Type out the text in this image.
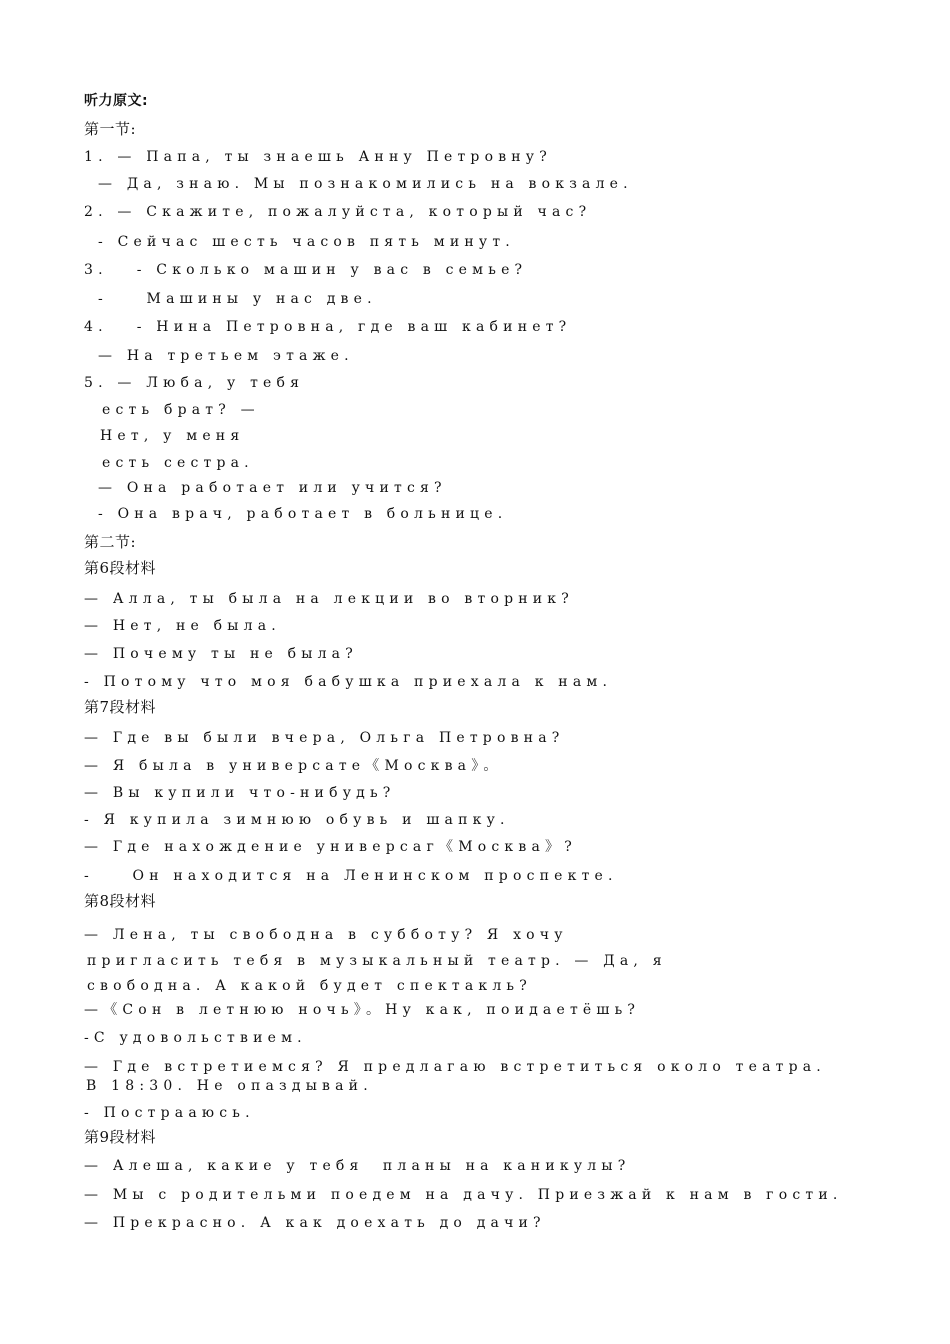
听力原文:
第一节:
1. — Папа, ты знаешь Анну Петровну?
— Да, знаю. Мы познакомились на вокзале.
2. — Скажите, пожалуйста, который час?
- Сейчас шесть часов пять минут.
3.   - Сколько машин у вас в семье?
-    Машины у нас две.
4.   - Нина Петровна, где ваш кабинет?
— На третьем этаже.
5. — Люба, у тебя
есть брат? —
Нет, у меня
есть сестра.
— Она работает или учится?
- Она врач, работает в больнице.
第二节:
第6段材料
— Алла, ты была на лекции во вторник?
— Нет, не была.
— Почему ты не была?
- Потому что моя бабушка приехала к нам.
第7段材料
— Где вы были вчера, Ольга Петровна?
— Я была в универсате《Москва》。
— Вы купили что-нибудь?
- Я купила зимнюю обувь и шапку.
— Где нахождение универсаг《Москва》?
-    Он находится на Ленинском проспекте.
第8段材料
— Лена, ты свободна в субботу? Я хочу
пригласить тебя в музыкальный театр. — Да, я
свободна. А какой будет спектакль?
—《Сон в летнюю ночь》。Ну как, поидаетёшь?
-С удовольствием.
— Где встретиемся? Я предлагаю встретиться около театра.
В 18:30. Не опаздывай.
- Пострааюсь.
第9段材料
— Алеша, какие у тебя  планы на каникулы?
— Мы с родительми поедем на дачу. Приезжай к нам в гости.
— Прекрасно. А как доехать до дачи?
